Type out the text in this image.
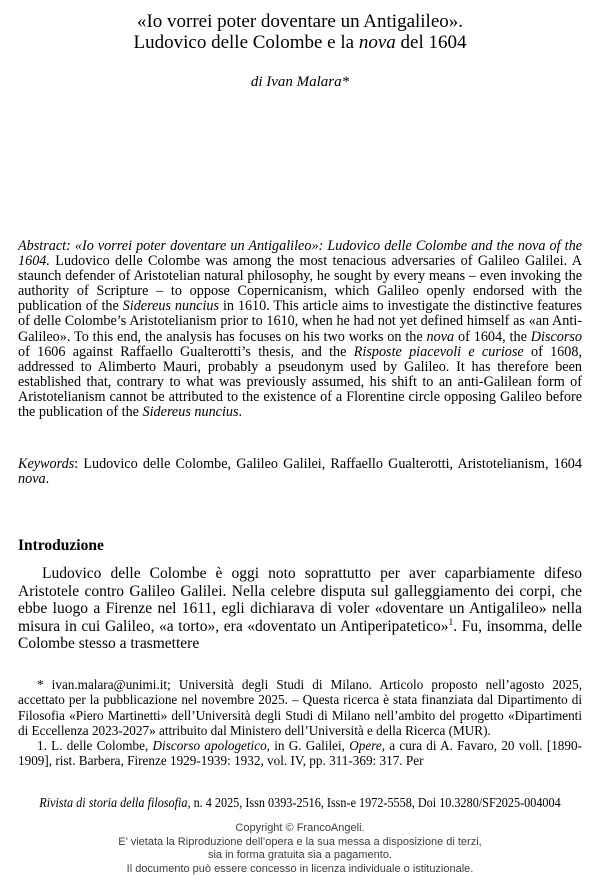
«Io vorrei poter doventare un Antigalileo».
Ludovico delle Colombe e la nova del 1604
di Ivan Malara*
Abstract: «Io vorrei poter doventare un Antigalileo»: Ludovico delle Colombe and the nova of the 1604. Ludovico delle Colombe was among the most tenacious adversaries of Galileo Galilei. A staunch defender of Aristotelian natural philosophy, he sought by every means – even invoking the authority of Scripture – to oppose Copernicanism, which Galileo openly endorsed with the publication of the Sidereus nuncius in 1610. This article aims to investigate the distinctive features of delle Colombe’s Aristotelianism prior to 1610, when he had not yet defined himself as «an Anti-Galileo». To this end, the analysis has focuses on his two works on the nova of 1604, the Discorso of 1606 against Raffaello Gualterotti’s thesis, and the Risposte piacevoli e curiose of 1608, addressed to Alimberto Mauri, probably a pseudonym used by Galileo. It has therefore been established that, contrary to what was previously assumed, his shift to an anti-Galilean form of Aristotelianism cannot be attributed to the existence of a Florentine circle opposing Galileo before the publication of the Sidereus nuncius.
Keywords: Ludovico delle Colombe, Galileo Galilei, Raffaello Gualterotti, Aristotelianism, 1604 nova.
Introduzione
Ludovico delle Colombe è oggi noto soprattutto per aver caparbiamente difeso Aristotele contro Galileo Galilei. Nella celebre disputa sul galleggiamento dei corpi, che ebbe luogo a Firenze nel 1611, egli dichiarava di voler «doventare un Antigalileo» nella misura in cui Galileo, «a torto», era «doventato un Antiperipatetico»$^1$. Fu, insomma, delle Colombe stesso a trasmettere

* ivan.malara@unimi.it; Università degli Studi di Milano. Articolo proposto nell’agosto 2025, accettato per la pubblicazione nel novembre 2025. – Questa ricerca è stata finanziata dal Dipartimento di Filosofia «Piero Martinetti» dell’Università degli Studi di Milano nell’ambito del progetto «Dipartimenti di Eccellenza 2023-2027» attribuito dal Ministero dell’Università e della Ricerca (MUR).

1. L. delle Colombe, Discorso apologetico, in G. Galilei, Opere, a cura di A. Favaro, 20 voll. [1890-1909], rist. Barbera, Firenze 1929-1939: 1932, vol. IV, pp. 311-369: 317. Per

Rivista di storia della filosofia, n. 4 2025, Issn 0393-2516, Issn-e 1972-5558, Doi 10.3280/SF2025-004004
Copyright © FrancoAngeli.
E’ vietata la Riproduzione dell’opera e la sua messa a disposizione di terzi,
sia in forma gratuita sia a pagamento.
Il documento può essere concesso in licenza individuale o istituzionale.
